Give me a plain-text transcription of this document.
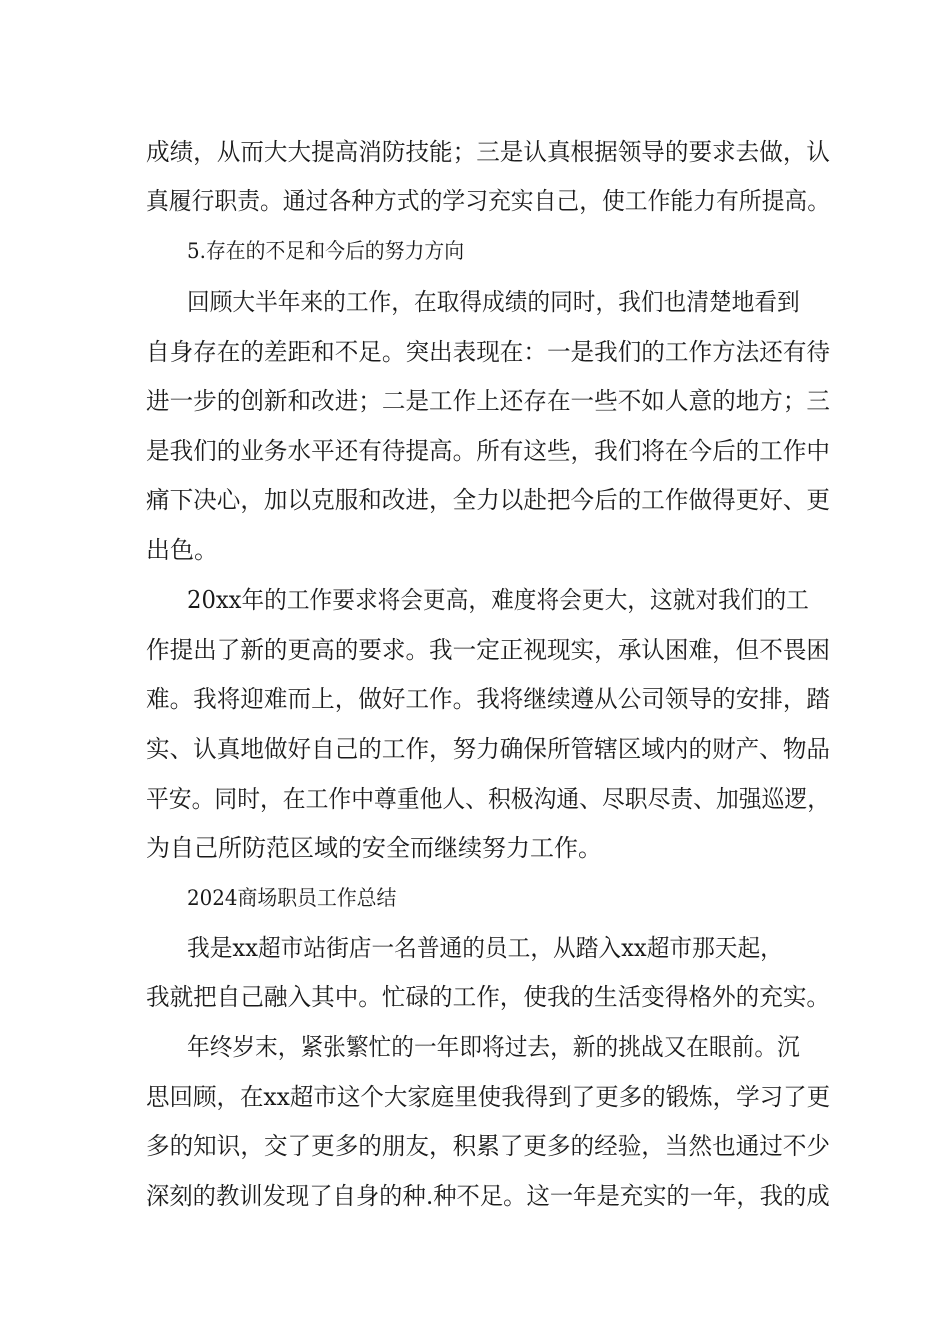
成绩，从而大大提高消防技能；三是认真根据领导的要求去做，认
真履行职责。通过各种方式的学习充实自己，使工作能力有所提高。
5.存在的不足和今后的努力方向
回顾大半年来的工作，在取得成绩的同时，我们也清楚地看到
自身存在的差距和不足。突出表现在：一是我们的工作方法还有待
进一步的创新和改进；二是工作上还存在一些不如人意的地方；三
是我们的业务水平还有待提高。所有这些，我们将在今后的工作中
痛下决心，加以克服和改进，全力以赴把今后的工作做得更好、更
出色。
20xx年的工作要求将会更高，难度将会更大，这就对我们的工
作提出了新的更高的要求。我一定正视现实，承认困难，但不畏困
难。我将迎难而上，做好工作。我将继续遵从公司领导的安排，踏
实、认真地做好自己的工作，努力确保所管辖区域内的财产、物品
平安。同时，在工作中尊重他人、积极沟通、尽职尽责、加强巡逻，
为自己所防范区域的安全而继续努力工作。
2024商场职员工作总结
我是xx超市站街店一名普通的员工，从踏入xx超市那天起，
我就把自己融入其中。忙碌的工作，使我的生活变得格外的充实。
年终岁末，紧张繁忙的一年即将过去，新的挑战又在眼前。沉
思回顾，在xx超市这个大家庭里使我得到了更多的锻炼，学习了更
多的知识，交了更多的朋友，积累了更多的经验，当然也通过不少
深刻的教训发现了自身的种.种不足。这一年是充实的一年，我的成
